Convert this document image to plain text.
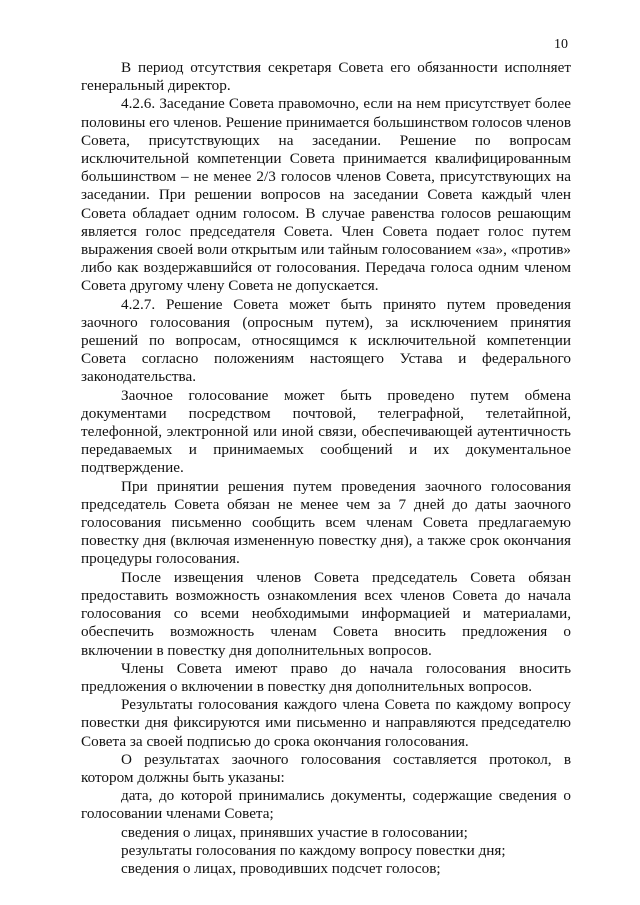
10

В период отсутствия секретаря Совета его обязанности исполняет генеральный директор.

4.2.6. Заседание Совета правомочно, если на нем присутствует более половины его членов. Решение принимается большинством голосов членов Совета, присутствующих на заседании. Решение по вопросам исключительной компетенции Совета принимается квалифицированным большинством – не менее 2/3 голосов членов Совета, присутствующих на заседании. При решении вопросов на заседании Совета каждый член Совета обладает одним голосом. В случае равенства голосов решающим является голос председателя Совета. Член Совета подает голос путем выражения своей воли открытым или тайным голосованием «за», «против» либо как воздержавшийся от голосования. Передача голоса одним членом Совета другому члену Совета не допускается.

4.2.7. Решение Совета может быть принято путем проведения заочного голосования (опросным путем), за исключением принятия решений по вопросам, относящимся к исключительной компетенции Совета согласно положениям настоящего Устава и федерального законодательства.

Заочное голосование может быть проведено путем обмена документами посредством почтовой, телеграфной, телетайпной, телефонной, электронной или иной связи, обеспечивающей аутентичность передаваемых и принимаемых сообщений и их документальное подтверждение.

При принятии решения путем проведения заочного голосования председатель Совета обязан не менее чем за 7 дней до даты заочного голосования письменно сообщить всем членам Совета предлагаемую повестку дня (включая измененную повестку дня), а также срок окончания процедуры голосования.

После извещения членов Совета председатель Совета обязан предоставить возможность ознакомления всех членов Совета до начала голосования со всеми необходимыми информацией и материалами, обеспечить возможность членам Совета вносить предложения о включении в повестку дня дополнительных вопросов.

Члены Совета имеют право до начала голосования вносить предложения о включении в повестку дня дополнительных вопросов.

Результаты голосования каждого члена Совета по каждому вопросу повестки дня фиксируются ими письменно и направляются председателю Совета за своей подписью до срока окончания голосования.

О результатах заочного голосования составляется протокол, в котором должны быть указаны:

дата, до которой принимались документы, содержащие сведения о голосовании членами Совета;

сведения о лицах, принявших участие в голосовании;

результаты голосования по каждому вопросу повестки дня;

сведения о лицах, проводивших подсчет голосов;
